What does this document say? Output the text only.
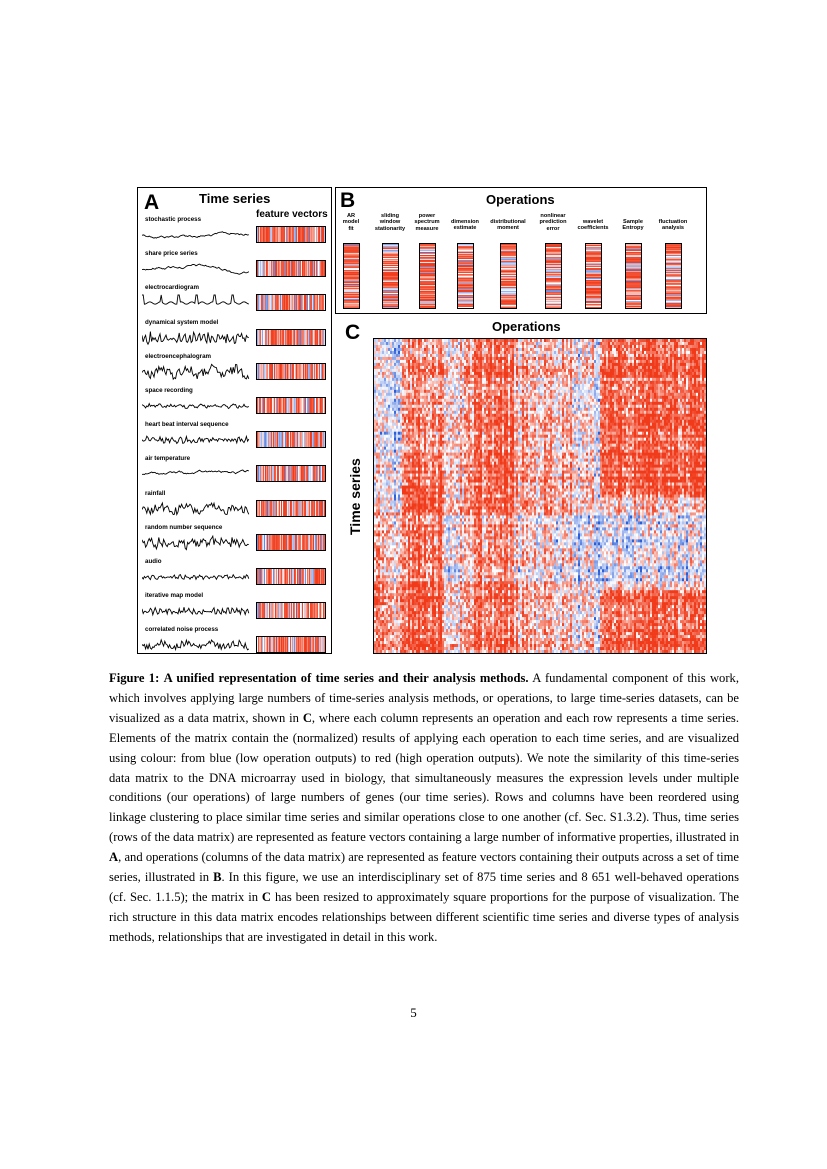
A	Time series
feature vectors
stochastic process
share price series
electrocardiogram
dynamical system model
electroencephalogram
space recording
heart beat interval sequence
air temperature
rainfall
random number sequence
audio
iterative map model
correlated noise process
B	Operations
AR
model
fit
sliding
window
stationarity
power
spectrum
measure
dimension
estimate
distributional
moment
nonlinear
prediction
error
wavelet
coefficients
Sample
Entropy
fluctuation
analysis
C	Operations
Time series
Figure 1: A unified representation of time series and their analysis methods. A fundamental component of this work, which involves applying large numbers of time-series analysis methods, or operations, to large time-series datasets, can be visualized as a data matrix, shown in C, where each column represents an operation and each row represents a time series. Elements of the matrix contain the (normalized) results of applying each operation to each time series, and are visualized using colour: from blue (low operation outputs) to red (high operation outputs). We note the similarity of this time-series data matrix to the DNA microarray used in biology, that simultaneously measures the expression levels under multiple conditions (our operations) of large numbers of genes (our time series). Rows and columns have been reordered using linkage clustering to place similar time series and similar operations close to one another (cf. Sec. S1.3.2). Thus, time series (rows of the data matrix) are represented as feature vectors containing a large number of informative properties, illustrated in A, and operations (columns of the data matrix) are represented as feature vectors containing their outputs across a set of time series, illustrated in B. In this figure, we use an interdisciplinary set of 875 time series and 8 651 well-behaved operations (cf. Sec. 1.1.5); the matrix in C has been resized to approximately square proportions for the purpose of visualization. The rich structure in this data matrix encodes relationships between different scientific time series and diverse types of analysis methods, relationships that are investigated in detail in this work.
5
